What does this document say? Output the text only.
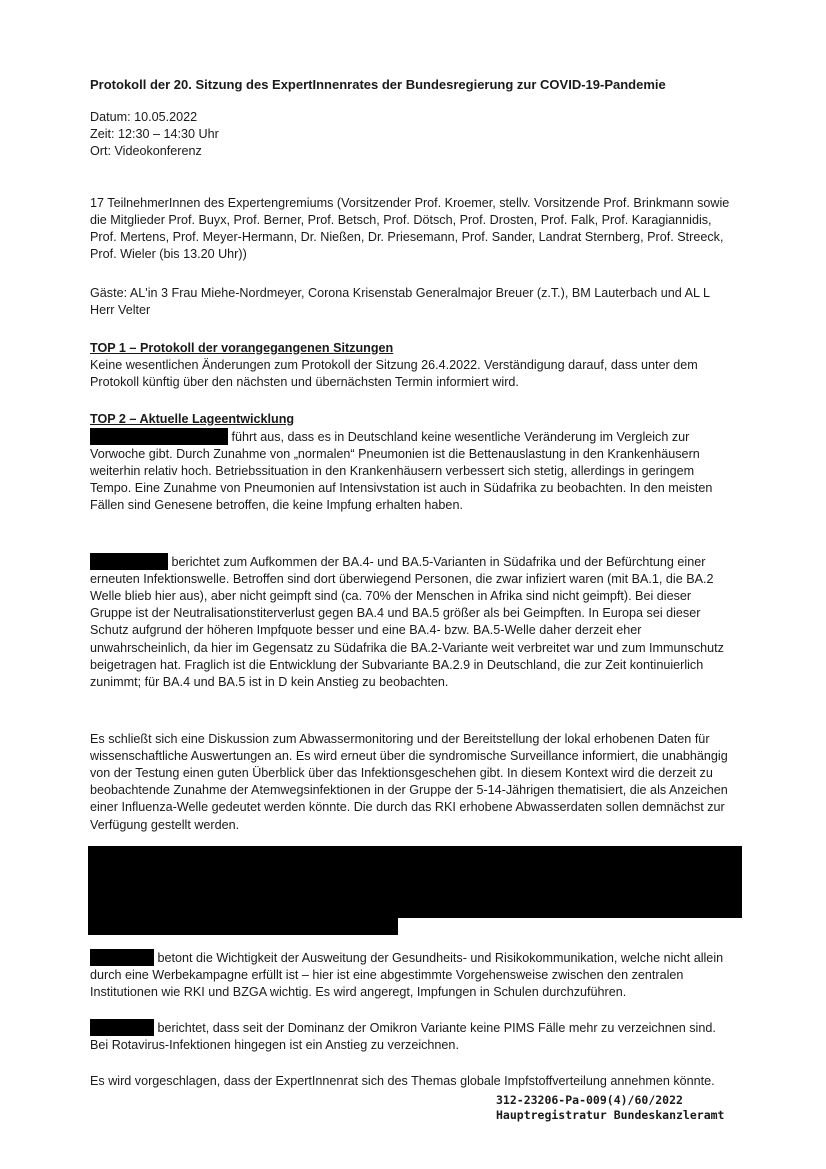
Protokoll der 20. Sitzung des ExpertInnenrates der Bundesregierung zur COVID-19-Pandemie

Datum: 10.05.2022

Zeit: 12:30 – 14:30 Uhr

Ort: Videokonferenz

17 TeilnehmerInnen des Expertengremiums (Vorsitzender Prof. Kroemer, stellv. Vorsitzende Prof. Brinkmann sowie die Mitglieder Prof. Buyx, Prof. Berner, Prof. Betsch, Prof. Dötsch, Prof. Drosten, Prof. Falk, Prof. Karagiannidis, Prof. Mertens, Prof. Meyer-Hermann, Dr. Nießen, Dr. Priesemann, Prof. Sander, Landrat Sternberg, Prof. Streeck, Prof. Wieler (bis 13.20 Uhr))

Gäste: AL'in 3 Frau Miehe-Nordmeyer, Corona Krisenstab Generalmajor Breuer (z.T.), BM Lauterbach und AL L Herr Velter

TOP 1 – Protokoll der vorangegangenen Sitzungen

Keine wesentlichen Änderungen zum Protokoll der Sitzung 26.4.2022. Verständigung darauf, dass unter dem Protokoll künftig über den nächsten und übernächsten Termin informiert wird.

TOP 2 – Aktuelle Lageentwicklung

führt aus, dass es in Deutschland keine wesentliche Veränderung im Vergleich zur Vorwoche gibt. Durch Zunahme von „normalen“ Pneumonien ist die Bettenauslastung in den Krankenhäusern weiterhin relativ hoch. Betriebssituation in den Krankenhäusern verbessert sich stetig, allerdings in geringem Tempo. Eine Zunahme von Pneumonien auf Intensivstation ist auch in Südafrika zu beobachten. In den meisten Fällen sind Genesene betroffen, die keine Impfung erhalten haben.

berichtet zum Aufkommen der BA.4- und BA.5-Varianten in Südafrika und der Befürchtung einer erneuten Infektionswelle. Betroffen sind dort überwiegend Personen, die zwar infiziert waren (mit BA.1, die BA.2 Welle blieb hier aus), aber nicht geimpft sind (ca. 70% der Menschen in Afrika sind nicht geimpft). Bei dieser Gruppe ist der Neutralisationstiterverlust gegen BA.4 und BA.5 größer als bei Geimpften. In Europa sei dieser Schutz aufgrund der höheren Impfquote besser und eine BA.4- bzw. BA.5-Welle daher derzeit eher unwahrscheinlich, da hier im Gegensatz zu Südafrika die BA.2-Variante weit verbreitet war und zum Immunschutz beigetragen hat. Fraglich ist die Entwicklung der Subvariante BA.2.9 in Deutschland, die zur Zeit kontinuierlich zunimmt; für BA.4 und BA.5 ist in D kein Anstieg zu beobachten.

Es schließt sich eine Diskussion zum Abwassermonitoring und der Bereitstellung der lokal erhobenen Daten für wissenschaftliche Auswertungen an. Es wird erneut über die syndromische Surveillance informiert, die unabhängig von der Testung einen guten Überblick über das Infektionsgeschehen gibt. In diesem Kontext wird die derzeit zu beobachtende Zunahme der Atemwegsinfektionen in der Gruppe der 5-14-Jährigen thematisiert, die als Anzeichen einer Influenza-Welle gedeutet werden könnte. Die durch das RKI erhobene Abwasserdaten sollen demnächst zur Verfügung gestellt werden.

betont die Wichtigkeit der Ausweitung der Gesundheits- und Risikokommunikation, welche nicht allein durch eine Werbekampagne erfüllt ist – hier ist eine abgestimmte Vorgehensweise zwischen den zentralen Institutionen wie RKI und BZGA wichtig. Es wird angeregt, Impfungen in Schulen durchzuführen.

berichtet, dass seit der Dominanz der Omikron Variante keine PIMS Fälle mehr zu verzeichnen sind. Bei Rotavirus-Infektionen hingegen ist ein Anstieg zu verzeichnen.

Es wird vorgeschlagen, dass der ExpertInnenrat sich des Themas globale Impfstoffverteilung annehmen könnte.

312-23206-Pa-009(4)/60/2022
Hauptregistratur Bundeskanzleramt
